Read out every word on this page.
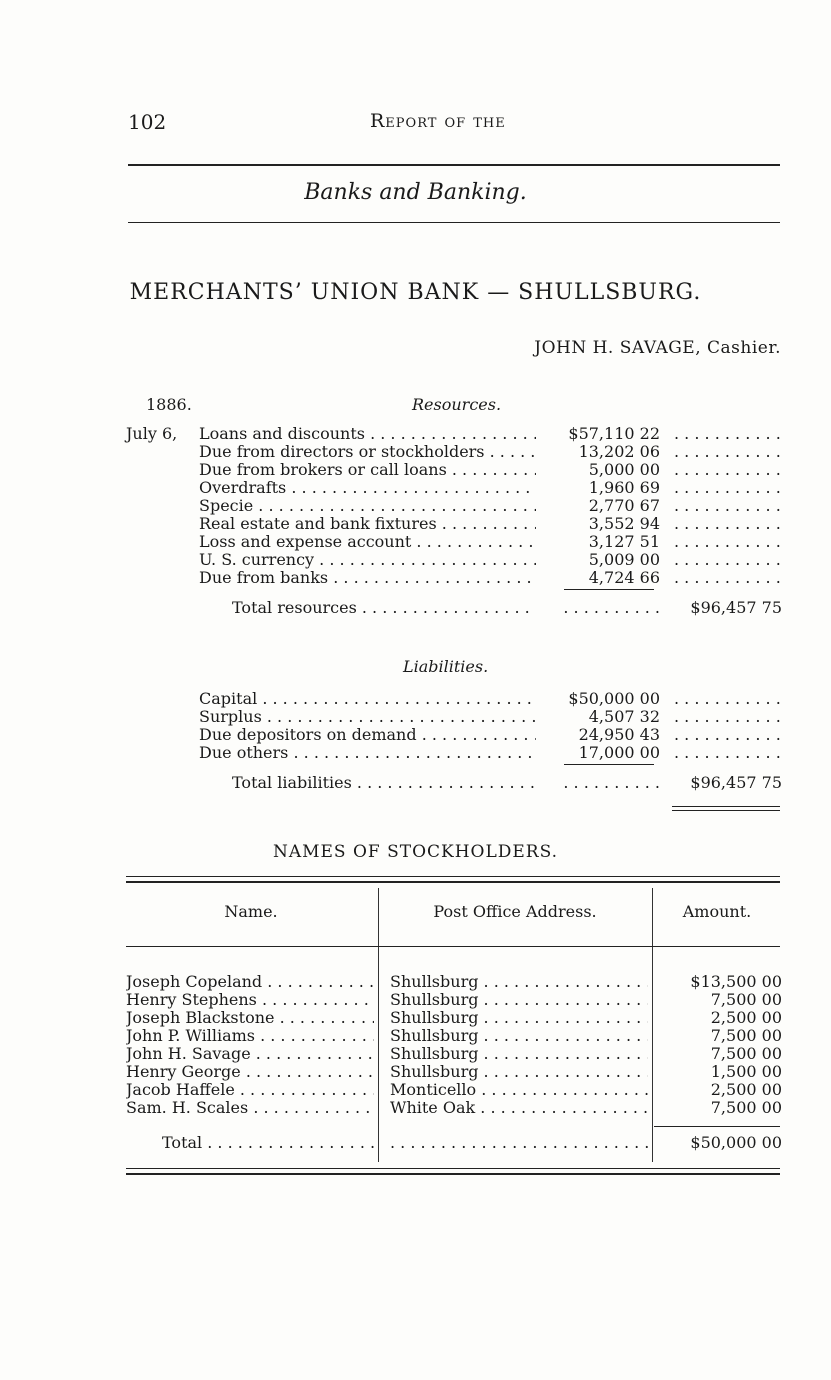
102	Report of the
Banks and Banking.
MERCHANTS’ UNION BANK — SHULLSBURG.
JOHN H. SAVAGE, Cashier.
1886.	Resources.
July 6, Loans and discounts . . .	$57,110 22
. . .
Due from directors or stockholders . . .	13,202 06
. . .
Due from brokers or call loans . . .	5,000 00
. . .
Overdrafts . . .	1,960 69
. . .
Specie . . .	2,770 67
. . .
Real estate and bank fixtures . . .	3,552 94
. . .
Loss and expense account . . .	3,127 51
. . .
U. S. currency . . .	5,009 00
. . .
Due from banks . . .	4,724 66
. . .
Total resources . . .	. . . . . . . . . .	$96,457 75
Liabilities.
Capital . . .	$50,000 00
. . .
Surplus . . .	4,507 32
. . .
Due depositors on demand . . .	24,950 43
. . .
Due others . . .	17,000 00
. . .
Total liabilities . . .	. . . . . . . . . .	$96,457 75
NAMES OF STOCKHOLDERS.
Name.	Post Office Address.	Amount.
Joseph Copeland . . .	Shullsburg . . .	$13,500 00
Henry Stephens . . .	Shullsburg . . .	7,500 00
Joseph Blackstone . . .	Shullsburg . . .	2,500 00
John P. Williams . . .	Shullsburg . . .	7,500 00
John H. Savage . . .	Shullsburg . . .	7,500 00
Henry George . . .	Shullsburg . . .	1,500 00
Jacob Haffele . . .	Monticello . . .	2,500 00
Sam. H. Scales . . .	White Oak . . .	7,500 00
Total . . .
. . .	$50,000 00
